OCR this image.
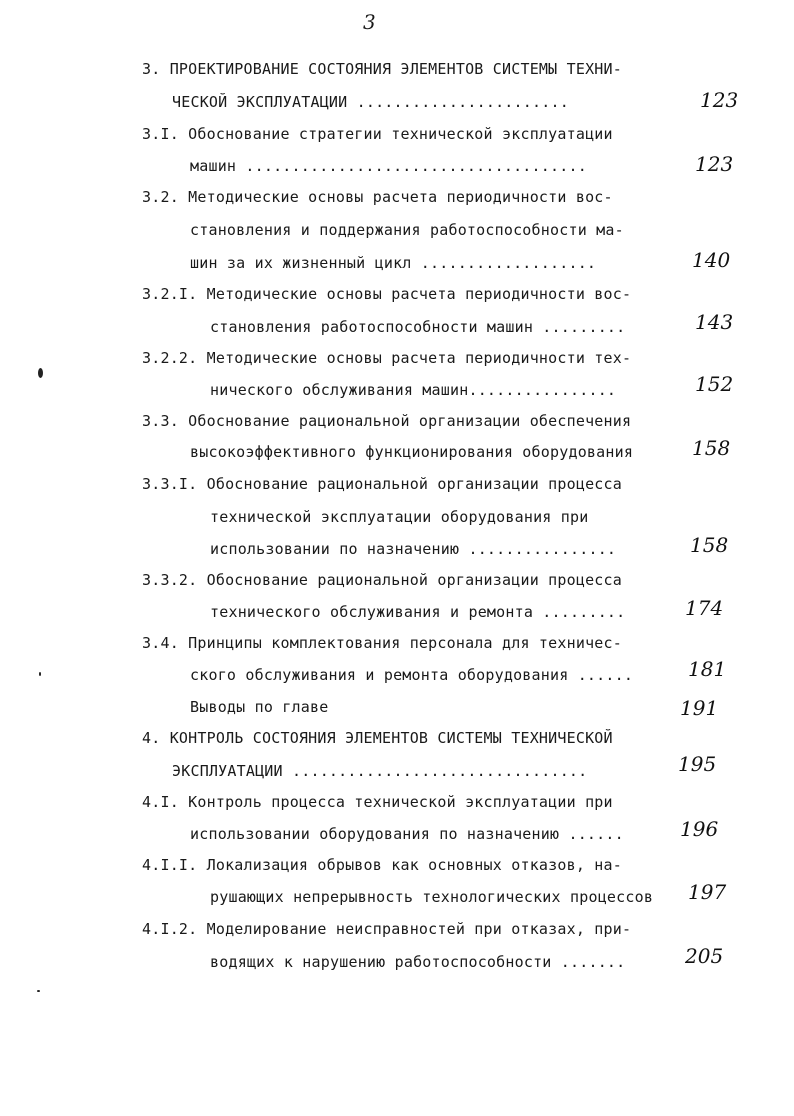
3
3. ПРОЕКТИРОВАНИЕ СОСТОЯНИЯ ЭЛЕМЕНТОВ СИСТЕМЫ ТЕХНИ-
ЧЕСКОЙ ЭКСПЛУАТАЦИИ .......................	123
3.I. Обоснование стратегии технической эксплуатации
машин .....................................	123
3.2. Методические основы расчета периодичности вос-
становления и поддержания работоспособности ма-
шин за их жизненный цикл ...................	140
3.2.I. Методические основы расчета периодичности вос-
становления работоспособности машин .........	143
3.2.2. Методические основы расчета периодичности тех-
нического обслуживания машин................	152
3.3. Обоснование рациональной организации обеспечения
высокоэффективного функционирования оборудования	158
3.3.I. Обоснование рациональной организации процесса
технической эксплуатации оборудования при
использовании по назначению ................	158
3.3.2. Обоснование рациональной организации процесса
технического обслуживания и ремонта .........	174
3.4. Принципы комплектования персонала для техничес-
ского обслуживания и ремонта оборудования ......	181
Выводы по главе	191
4. КОНТРОЛЬ СОСТОЯНИЯ ЭЛЕМЕНТОВ СИСТЕМЫ ТЕХНИЧЕСКОЙ
ЭКСПЛУАТАЦИИ ................................	195
4.I. Контроль процесса технической эксплуатации при
использовании оборудования по назначению ......	196
4.I.I. Локализация обрывов как основных отказов, на-
рушающих непрерывность технологических процессов 197
4.I.2. Моделирование неисправностей при отказах, при-
водящих к нарушению работоспособности .......	205
